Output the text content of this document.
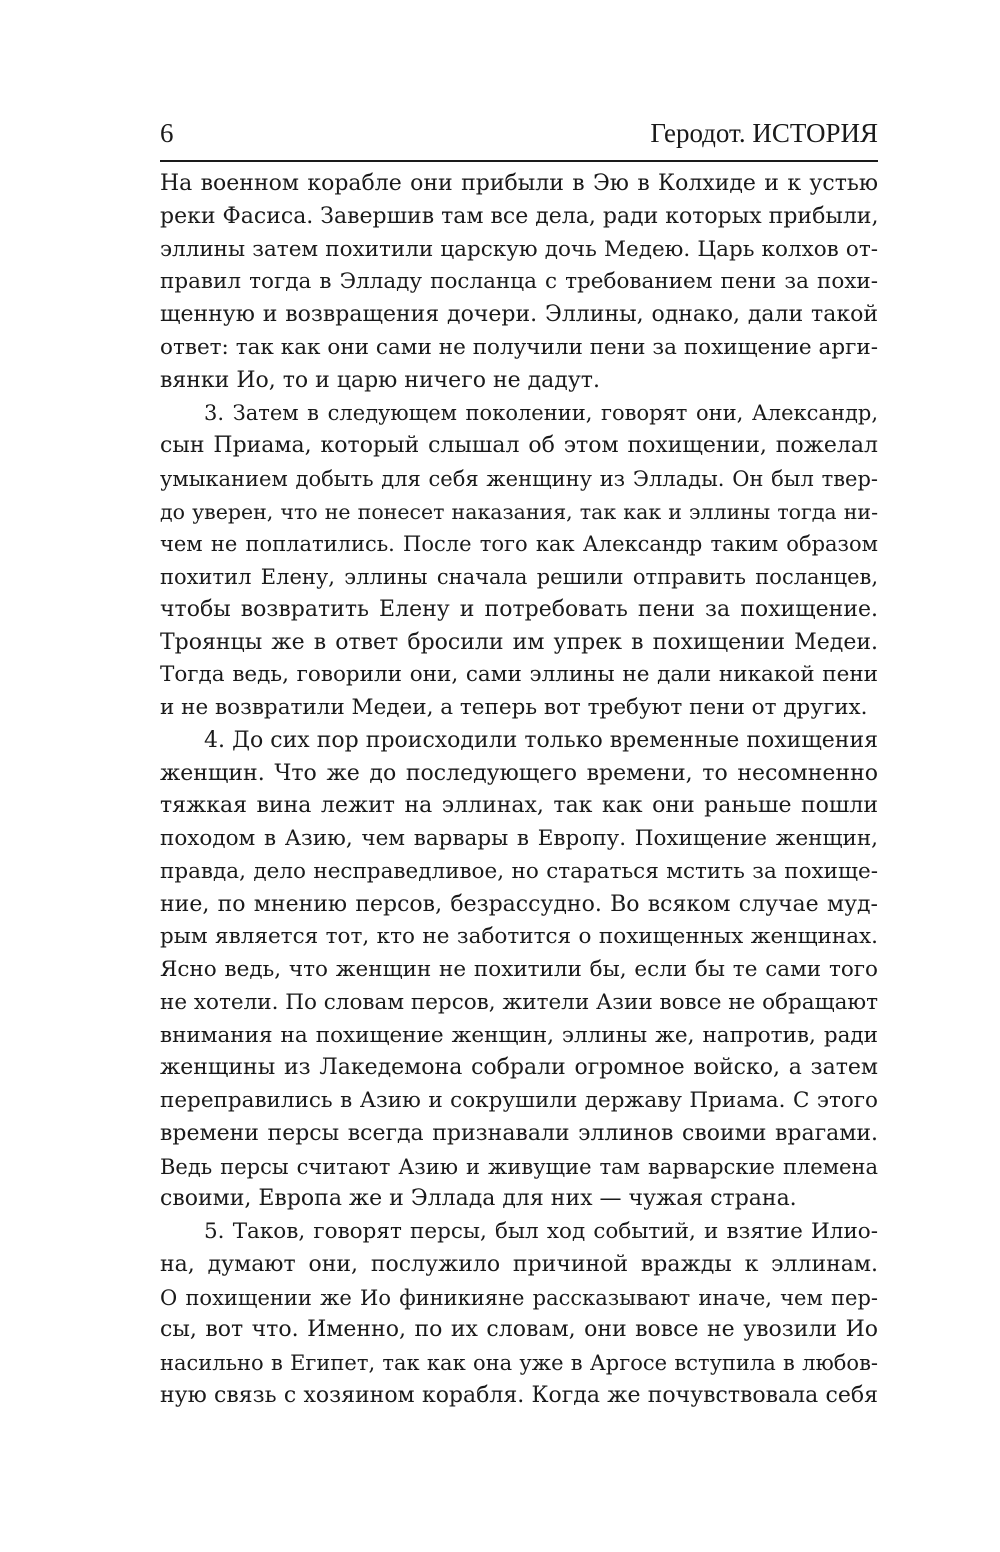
6	Геродот. ИСТОРИЯ
На военном корабле они прибыли в Эю в Колхиде и к устью
реки Фасиса. Завершив там все дела, ради которых прибыли,
эллины затем похитили царскую дочь Медею. Царь колхов от-
правил тогда в Элладу посланца с требованием пени за похи-
щенную и возвращения дочери. Эллины, однако, дали такой
ответ: так как они сами не получили пени за похищение арги-
вянки Ио, то и царю ничего не дадут.
3. Затем в следующем поколении, говорят они, Александр,
сын Приама, который слышал об этом похищении, пожелал
умыканием добыть для себя женщину из Эллады. Он был твер-
до уверен, что не понесет наказания, так как и эллины тогда ни-
чем не поплатились. После того как Александр таким образом
похитил Елену, эллины сначала решили отправить посланцев,
чтобы возвратить Елену и потребовать пени за похищение.
Троянцы же в ответ бросили им упрек в похищении Медеи.
Тогда ведь, говорили они, сами эллины не дали никакой пени
и не возвратили Медеи, а теперь вот требуют пени от других.
4. До сих пор происходили только временные похищения
женщин. Что же до последующего времени, то несомненно
тяжкая вина лежит на эллинах, так как они раньше пошли
походом в Азию, чем варвары в Европу. Похищение женщин,
правда, дело несправедливое, но стараться мстить за похище-
ние, по мнению персов, безрассудно. Во всяком случае муд-
рым является тот, кто не заботится о похищенных женщинах.
Ясно ведь, что женщин не похитили бы, если бы те сами того
не хотели. По словам персов, жители Азии вовсе не обращают
внимания на похищение женщин, эллины же, напротив, ради
женщины из Лакедемона собрали огромное войско, а затем
переправились в Азию и сокрушили державу Приама. С этого
времени персы всегда признавали эллинов своими врагами.
Ведь персы считают Азию и живущие там варварские племена
своими, Европа же и Эллада для них — чужая страна.
5. Таков, говорят персы, был ход событий, и взятие Илио-
на, думают они, послужило причиной вражды к эллинам.
О похищении же Ио финикияне рассказывают иначе, чем пер-
сы, вот что. Именно, по их словам, они вовсе не увозили Ио
насильно в Египет, так как она уже в Аргосе вступила в любов-
ную связь с хозяином корабля. Когда же почувствовала себя
